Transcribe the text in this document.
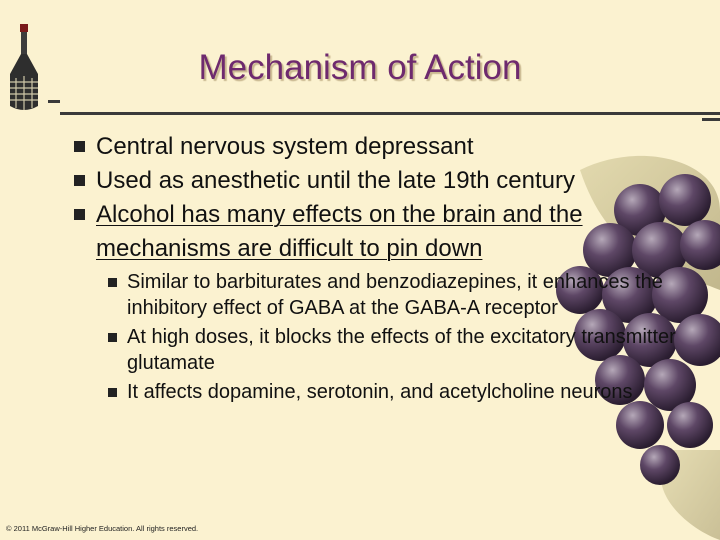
Mechanism of Action
Central nervous system depressant
Used as anesthetic until the late 19th century
Alcohol has many effects on the brain and the mechanisms are difficult to pin down
Similar to barbiturates and benzodiazepines, it enhances the inhibitory effect of GABA at the GABA-A receptor
At high doses, it blocks the effects of the excitatory transmitter glutamate
It affects dopamine, serotonin, and acetylcholine neurons
© 2011 McGraw-Hill Higher Education. All rights reserved.
